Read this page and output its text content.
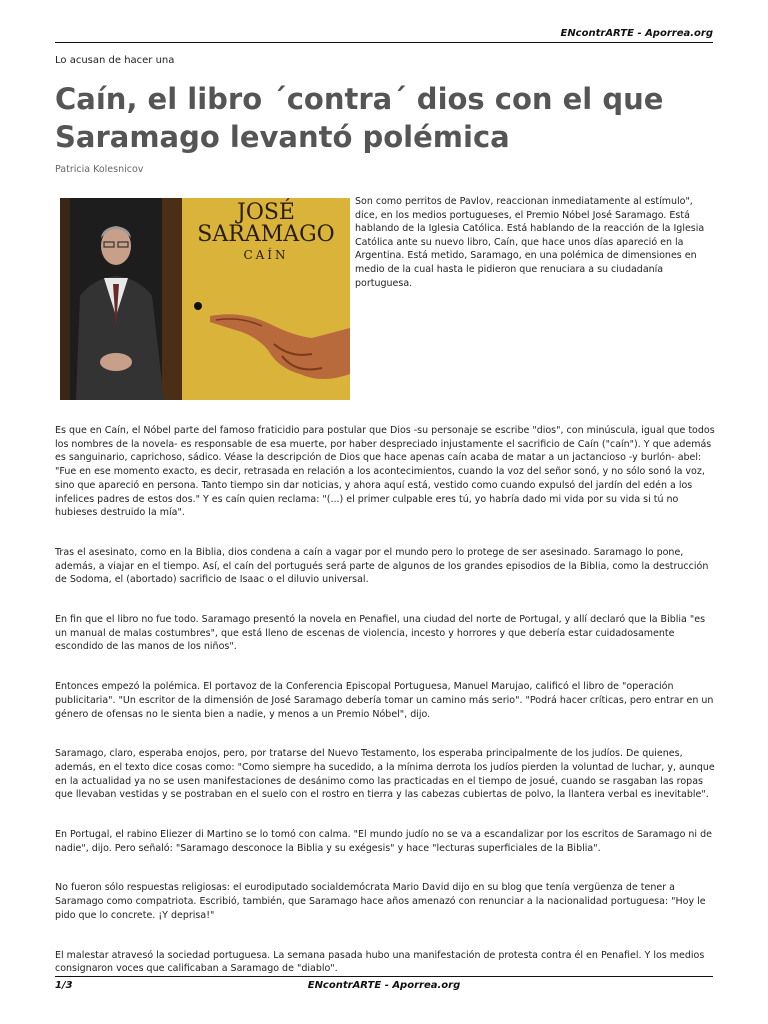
ENcontrARTE - Aporrea.org
Lo acusan de hacer una
Caín, el libro ´contra´ dios con el que Saramago levantó polémica
Patricia Kolesnicov
JOSÉ SARAMAGO
CAÍN

Son como perritos de Pavlov, reaccionan inmediatamente al estímulo", dice, en los medios portugueses, el Premio Nóbel José Saramago. Está hablando de la Iglesia Católica. Está hablando de la reacción de la Iglesia Católica ante su nuevo libro, Caín, que hace unos días apareció en la Argentina. Está metido, Saramago, en una polémica de dimensiones en medio de la cual hasta le pidieron que renuciara a su ciudadanía portuguesa.

Es que en Caín, el Nóbel parte del famoso fraticidio para postular que Dios -su personaje se escribe "dios", con minúscula, igual que todos los nombres de la novela- es responsable de esa muerte, por haber despreciado injustamente el sacrificio de Caín ("caín"). Y que además es sanguinario, caprichoso, sádico. Véase la descripción de Dios que hace apenas caín acaba de matar a un jactancioso -y burlón- abel: "Fue en ese momento exacto, es decir, retrasada en relación a los acontecimientos, cuando la voz del señor sonó, y no sólo sonó la voz, sino que apareció en persona. Tanto tiempo sin dar noticias, y ahora aquí está, vestido como cuando expulsó del jardín del edén a los infelices padres de estos dos." Y es caín quien reclama: "(...) el primer culpable eres tú, yo habría dado mi vida por su vida si tú no hubieses destruido la mía".

Tras el asesinato, como en la Biblia, dios condena a caín a vagar por el mundo pero lo protege de ser asesinado. Saramago lo pone, además, a viajar en el tiempo. Así, el caín del portugués será parte de algunos de los grandes episodios de la Biblia, como la destrucción de Sodoma, el (abortado) sacrificio de Isaac o el diluvio universal.

En fin que el libro no fue todo. Saramago presentó la novela en Penafiel, una ciudad del norte de Portugal, y allí declaró que la Biblia "es un manual de malas costumbres", que está lleno de escenas de violencia, incesto y horrores y que debería estar cuidadosamente escondido de las manos de los niños".

Entonces empezó la polémica. El portavoz de la Conferencia Episcopal Portuguesa, Manuel Marujao, calificó el libro de "operación publicitaria". "Un escritor de la dimensión de José Saramago debería tomar un camino más serio". "Podrá hacer críticas, pero entrar en un género de ofensas no le sienta bien a nadie, y menos a un Premio Nóbel", dijo.

Saramago, claro, esperaba enojos, pero, por tratarse del Nuevo Testamento, los esperaba principalmente de los judíos. De quienes, además, en el texto dice cosas como: "Como siempre ha sucedido, a la mínima derrota los judíos pierden la voluntad de luchar, y, aunque en la actualidad ya no se usen manifestaciones de desánimo como las practicadas en el tiempo de josué, cuando se rasgaban las ropas que llevaban vestidas y se postraban en el suelo con el rostro en tierra y las cabezas cubiertas de polvo, la llantera verbal es inevitable".

En Portugal, el rabino Eliezer di Martino se lo tomó con calma. "El mundo judío no se va a escandalizar por los escritos de Saramago ni de nadie", dijo. Pero señaló: "Saramago desconoce la Biblia y su exégesis" y hace "lecturas superficiales de la Biblia".

No fueron sólo respuestas religiosas: el eurodiputado socialdemócrata Mario David dijo en su blog que tenía vergüenza de tener a Saramago como compatriota. Escribió, también, que Saramago hace años amenazó con renunciar a la nacionalidad portuguesa: "Hoy le pido que lo concrete. ¡Y deprisa!"

El malestar atravesó la sociedad portuguesa. La semana pasada hubo una manifestación de protesta contra él en Penafiel. Y los medios consignaron voces que calificaban a Saramago de "diablo".

1/3	ENcontrARTE - Aporrea.org
